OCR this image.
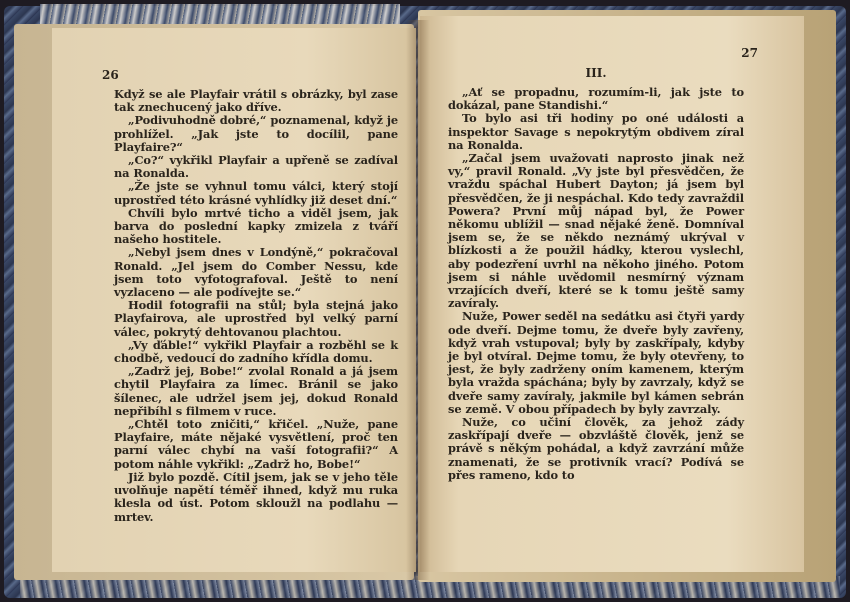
26

Když se ale Playfair vrátil s obrázky, byl zase tak znechucený jako dříve.

„Podivuhodně dobré,“ poznamenal, když je prohlížel. „Jak jste to docílil, pane Playfaire?“

„Co?“ vykřikl Playfair a upřeně se zadíval na Ronalda.

„Že jste se vyhnul tomu válci, který stojí uprostřed této krásné vyhlídky již deset dní.“

Chvíli bylo mrtvé ticho a viděl jsem, jak barva do poslední kapky zmizela z tváří našeho hostitele.

„Nebyl jsem dnes v Londýně,“ pokračoval Ronald. „Jel jsem do Comber Nessu, kde jsem toto vyfotografoval. Ještě to není vyzlaceno — ale podívejte se.“

Hodil fotografii na stůl; byla stejná jako Playfairova, ale uprostřed byl velký parní válec, pokrytý dehtovanou plachtou.

„Vy ďáble!“ vykřikl Playfair a rozběhl se k chodbě, vedoucí do zadního křídla domu.

„Zadrž jej, Bobe!“ zvolal Ronald a já jsem chytil Playfaira za límec. Bránil se jako šílenec, ale udržel jsem jej, dokud Ronald nepřibíhl s filmem v ruce.

„Chtěl toto zničiti,“ křičel. „Nuže, pane Playfaire, máte nějaké vysvětlení, proč ten parní válec chybí na vaší fotografii?“ A potom náhle vykřikl: „Zadrž ho, Bobe!“

Již bylo pozdě. Cítil jsem, jak se v jeho těle uvolňuje napětí téměř ihned, když mu ruka klesla od úst. Potom skloužl na podlahu — mrtev.

27
III.

„Ať se propadnu, rozumím-li, jak jste to dokázal, pane Standishi.“

To bylo asi tři hodiny po oné události a inspektor Savage s nepokrytým obdivem zíral na Ronalda.

„Začal jsem uvažovati naprosto jinak než vy,“ pravil Ronald. „Vy jste byl přesvědčen, že vraždu spáchal Hubert Dayton; já jsem byl přesvědčen, že ji nespáchal. Kdo tedy zavraždil Powera? První můj nápad byl, že Power někomu ublížil — snad nějaké ženě. Domníval jsem se, že se někdo neznámý ukrýval v blízkosti a že použil hádky, kterou vyslechl, aby podezření uvrhl na někoho jiného. Potom jsem si náhle uvědomil nesmírný význam vrzajících dveří, které se k tomu ještě samy zavíraly.

Nuže, Power seděl na sedátku asi čtyři yardy ode dveří. Dejme tomu, že dveře byly zavřeny, když vrah vstupoval; byly by zaskřípaly, kdyby je byl otvíral. Dejme tomu, že byly otevřeny, to jest, že byly zadrženy oním kamenem, kterým byla vražda spáchána; byly by zavrzaly, když se dveře samy zavíraly, jakmile byl kámen sebrán se země. V obou případech by byly zavrzaly.

Nuže, co učiní člověk, za jehož zády zaskřípají dveře — obzvláště člověk, jenž se právě s někým pohádal, a když zavrzání může znamenati, že se protivník vrací? Podívá se přes rameno, kdo to
